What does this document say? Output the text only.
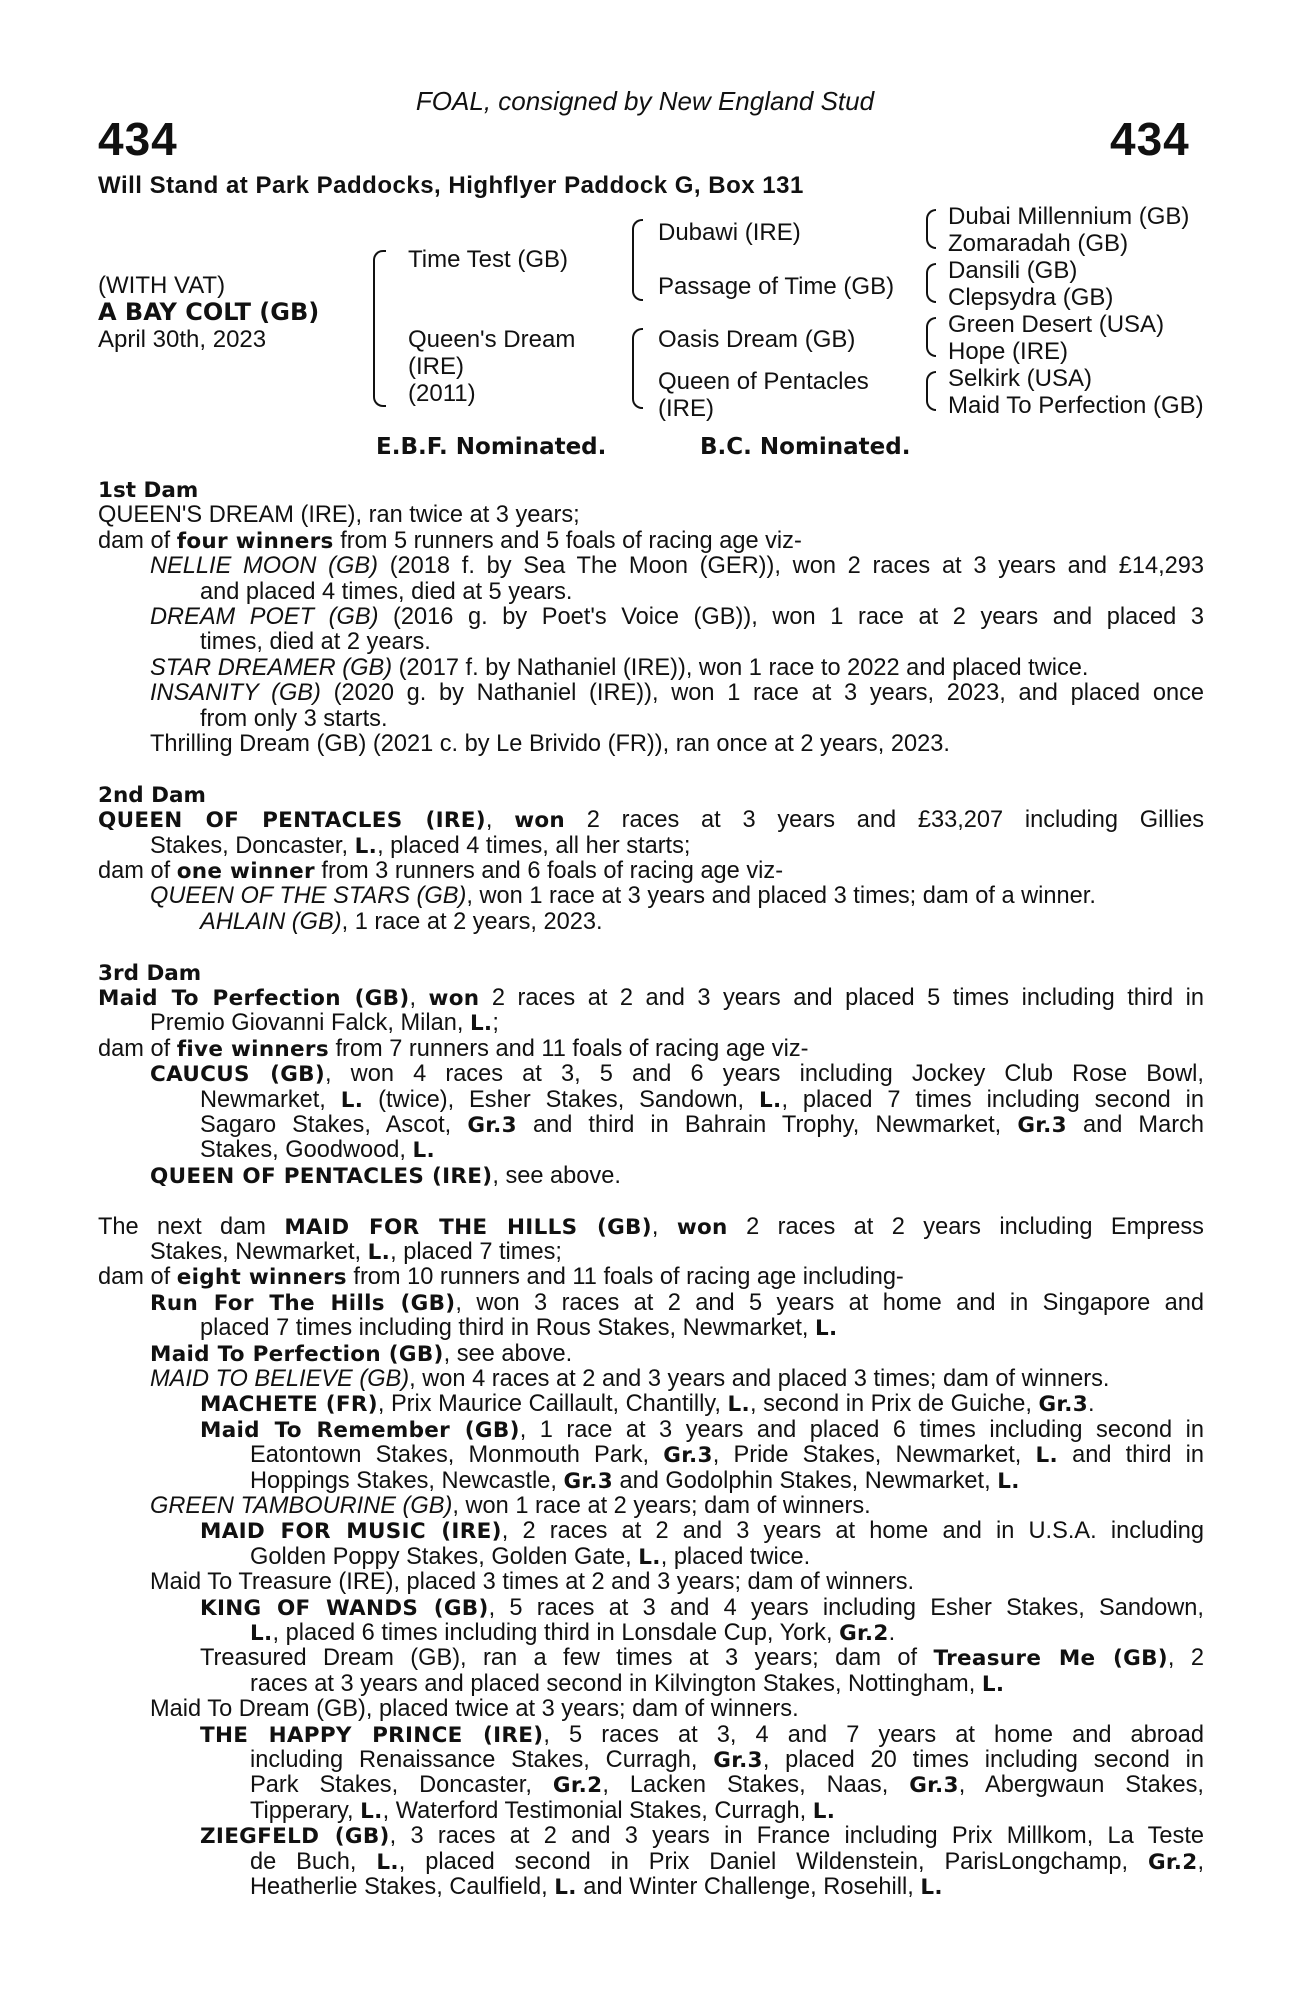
FOAL, consigned by New England Stud
434	434
Will Stand at Park Paddocks, Highflyer Paddock G, Box 131
(WITH VAT)
A BAY COLT (GB)
April 30th, 2023
Time Test (GB)
Queen's Dream
(IRE)
(2011)
Dubawi (IRE)
Passage of Time (GB)
Oasis Dream (GB)
Queen of Pentacles
(IRE)
Dubai Millennium (GB)
Zomaradah (GB)
Dansili (GB)
Clepsydra (GB)
Green Desert (USA)
Hope (IRE)
Selkirk (USA)
Maid To Perfection (GB)
E.B.F. Nominated.	B.C. Nominated.
1st Dam
QUEEN'S DREAM (IRE), ran twice at 3 years;
dam of four winners from 5 runners and 5 foals of racing age viz-
NELLIE MOON (GB) (2018 f. by Sea The Moon (GER)), won 2 races at 3 years and £14,293
and placed 4 times, died at 5 years.
DREAM POET (GB) (2016 g. by Poet's Voice (GB)), won 1 race at 2 years and placed 3
times, died at 2 years.
STAR DREAMER (GB) (2017 f. by Nathaniel (IRE)), won 1 race to 2022 and placed twice.
INSANITY (GB) (2020 g. by Nathaniel (IRE)), won 1 race at 3 years, 2023, and placed once
from only 3 starts.
Thrilling Dream (GB) (2021 c. by Le Brivido (FR)), ran once at 2 years, 2023.
2nd Dam
QUEEN OF PENTACLES (IRE), won 2 races at 3 years and £33,207 including Gillies
Stakes, Doncaster, L., placed 4 times, all her starts;
dam of one winner from 3 runners and 6 foals of racing age viz-
QUEEN OF THE STARS (GB), won 1 race at 3 years and placed 3 times; dam of a winner.
AHLAIN (GB), 1 race at 2 years, 2023.
3rd Dam
Maid To Perfection (GB), won 2 races at 2 and 3 years and placed 5 times including third in
Premio Giovanni Falck, Milan, L.;
dam of five winners from 7 runners and 11 foals of racing age viz-
CAUCUS (GB), won 4 races at 3, 5 and 6 years including Jockey Club Rose Bowl,
Newmarket, L. (twice), Esher Stakes, Sandown, L., placed 7 times including second in
Sagaro Stakes, Ascot, Gr.3 and third in Bahrain Trophy, Newmarket, Gr.3 and March
Stakes, Goodwood, L.
QUEEN OF PENTACLES (IRE), see above.
The next dam MAID FOR THE HILLS (GB), won 2 races at 2 years including Empress
Stakes, Newmarket, L., placed 7 times;
dam of eight winners from 10 runners and 11 foals of racing age including-
Run For The Hills (GB), won 3 races at 2 and 5 years at home and in Singapore and
placed 7 times including third in Rous Stakes, Newmarket, L.
Maid To Perfection (GB), see above.
MAID TO BELIEVE (GB), won 4 races at 2 and 3 years and placed 3 times; dam of winners.
MACHETE (FR), Prix Maurice Caillault, Chantilly, L., second in Prix de Guiche, Gr.3.
Maid To Remember (GB), 1 race at 3 years and placed 6 times including second in
Eatontown Stakes, Monmouth Park, Gr.3, Pride Stakes, Newmarket, L. and third in
Hoppings Stakes, Newcastle, Gr.3 and Godolphin Stakes, Newmarket, L.
GREEN TAMBOURINE (GB), won 1 race at 2 years; dam of winners.
MAID FOR MUSIC (IRE), 2 races at 2 and 3 years at home and in U.S.A. including
Golden Poppy Stakes, Golden Gate, L., placed twice.
Maid To Treasure (IRE), placed 3 times at 2 and 3 years; dam of winners.
KING OF WANDS (GB), 5 races at 3 and 4 years including Esher Stakes, Sandown,
L., placed 6 times including third in Lonsdale Cup, York, Gr.2.
Treasured Dream (GB), ran a few times at 3 years; dam of Treasure Me (GB), 2
races at 3 years and placed second in Kilvington Stakes, Nottingham, L.
Maid To Dream (GB), placed twice at 3 years; dam of winners.
THE HAPPY PRINCE (IRE), 5 races at 3, 4 and 7 years at home and abroad
including Renaissance Stakes, Curragh, Gr.3, placed 20 times including second in
Park Stakes, Doncaster, Gr.2, Lacken Stakes, Naas, Gr.3, Abergwaun Stakes,
Tipperary, L., Waterford Testimonial Stakes, Curragh, L.
ZIEGFELD (GB), 3 races at 2 and 3 years in France including Prix Millkom, La Teste
de Buch, L., placed second in Prix Daniel Wildenstein, ParisLongchamp, Gr.2,
Heatherlie Stakes, Caulfield, L. and Winter Challenge, Rosehill, L.
